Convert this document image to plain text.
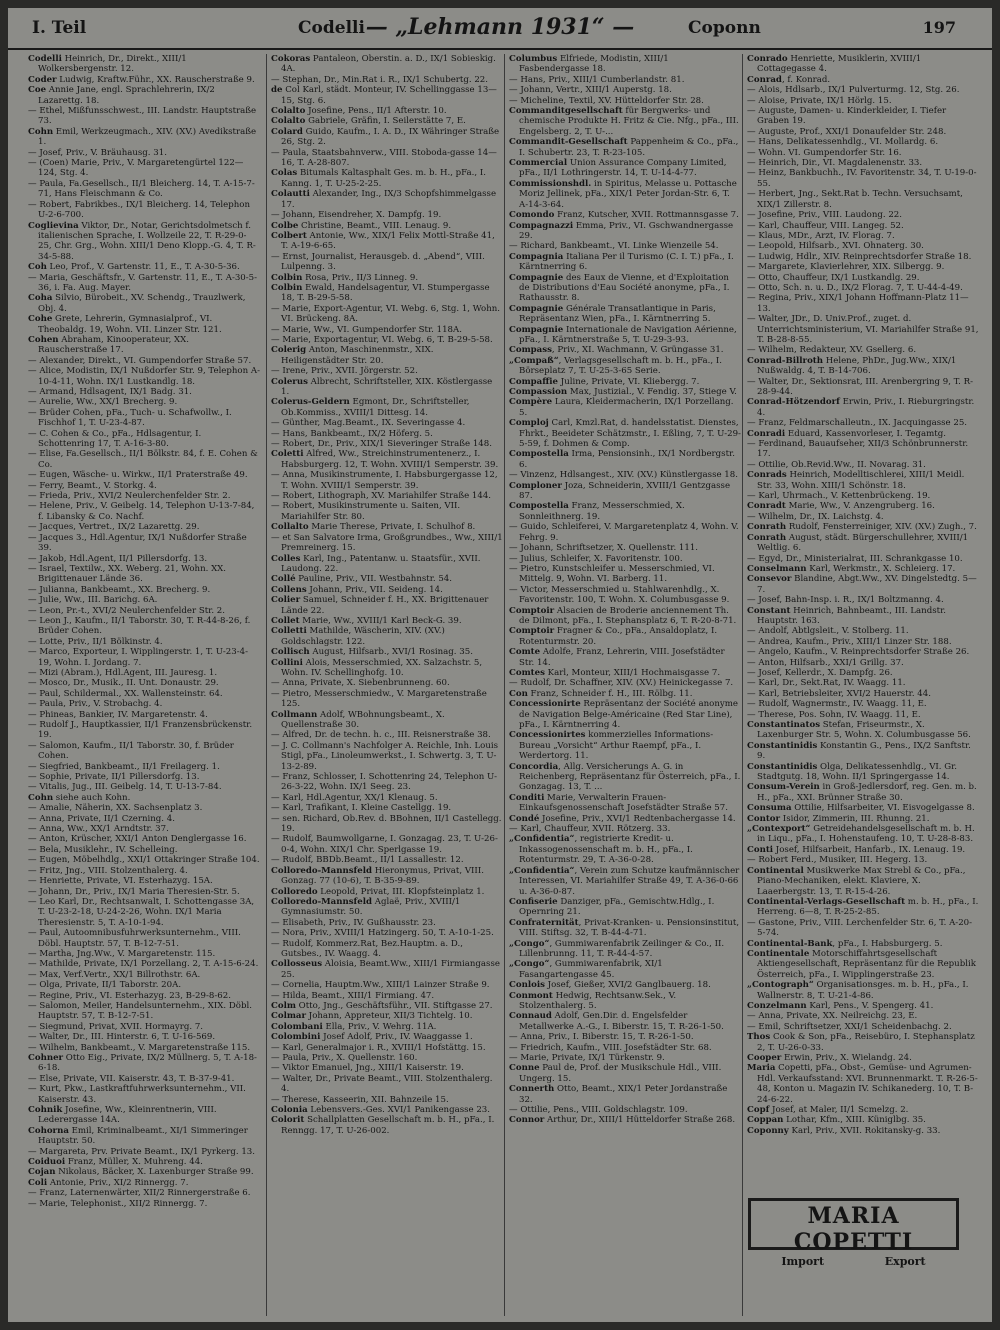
I. Teil	Codelli — „Lehmann 1931“ —	Coponn	197

Codelli Heinrich, Dr., Direkt., XIII/1 Wolkersbergenstr. 12.

Coder Ludwig, Kraftw.Führ., XX. Rauscherstraße 9.

Coe Annie Jane, engl. Sprachlehrerin, IX/2 Lazarettg. 18.

— Ethel, Mißfunsschwest., III. Landstr. Hauptstraße 73.

Cohn Emil, Werkzeugmach., XIV. (XV.) Avedikstraße 1.

— Josef, Priv., V. Bräuhausg. 31.

— (Coen) Marie, Priv., V. Margaretengürtel 122—124, Stg. 4.

— Paula, Fa.Gesellsch., II/1 Bleicherg. 14, T. A-15-7-71, Hans Fleischmann & Co.

— Robert, Fabrikbes., IX/1 Bleicherg. 14, Telephon U-2-6-700.

Coglievina Viktor, Dr., Notar, Gerichtsdolmetsch f. italienischen Sprache, I. Wollzeile 22, T. R-29-0-25, Chr. Grg., Wohn. XIII/1 Deno Klopp.-G. 4, T. R-34-5-88.

Coh Leo, Prof., V. Gartenstr. 11, E., T. A-30-5-36.

— Maria, Geschäftsfr., V. Gartenstr. 11, E., T. A-30-5-36, i. Fa. Aug. Mayer.

Coha Silvio, Bürobeit., XV. Schendg., Trauzlwerk, Obj. 4.

Cohe Grete, Lehrerin, Gymnasialprof., VI. Theobaldg. 19, Wohn. VII. Linzer Str. 121.

Cohen Abraham, Kinooperateur, XX. Rauscherstraße 17.

— Alexander, Direkt., VI. Gumpendorfer Straße 57.

— Alice, Modistin, IX/1 Nußdorfer Str. 9, Telephon A-10-4-11, Wohn. IX/1 Lustkandlg. 18.

— Armand, Hdlsagent, IX/1 Badg. 31.

— Aurelie, Ww., XX/1 Brecherg. 9.

— Brüder Cohen, pFa., Tuch- u. Schafwollw., I. Fischhof 1, T. U-23-4-87.

— C. Cohen & Co., pFa., Hdlsagentur, I. Schottenring 17, T. A-16-3-80.

— Elise, Fa.Gesellsch., II/1 Bölkstr. 84, f. E. Cohen & Co.

— Eugen, Wäsche- u. Wirkw., II/1 Praterstraße 49.

— Ferry, Beamt., V. Storkg. 4.

— Frieda, Priv., XVI/2 Neulerchenfelder Str. 2.

— Helene, Priv., V. Geibelg. 14, Telephon U-13-7-84, f. Libansky & Co. Nachf.

— Jacques, Vertret., IX/2 Lazarettg. 29.

— Jacques 3., Hdl.Agentur, IX/1 Nußdorfer Straße 39.

— Jakob, Hdl.Agent, II/1 Pillersdorfg. 13.

— Israel, Textilw., XX. Weberg. 21, Wohn. XX. Brigittenauer Lände 36.

— Julianna, Bankbeamt., XX. Brecherg. 9.

— Julie, Ww., III. Barichg. 6A.

— Leon, Pr.-t., XVI/2 Neulerchenfelder Str. 2.

— Leon J., Kaufm., II/1 Taborstr. 30, T. R-44-8-26, f. Brüder Cohen.

— Lotte, Priv., II/1 Bölkinstr. 4.

— Marco, Exporteur, I. Wipplingerstr. 1, T. U-23-4-19, Wohn. I. Jordang. 7.

— Mizi (Abram.), Hdl.Agent, III. Jauresg. 1.

— Mosco, Dr., Musik., II. Unt. Donaustr. 29.

— Paul, Schildermal., XX. Wallensteinstr. 64.

— Paula, Priv., V. Strobachg. 4.

— Phineas, Bankier, IV. Margaretenstr. 4.

— Rudolf J., Hauptkassier, II/1 Franzensbrückenstr. 19.

— Salomon, Kaufm., II/1 Taborstr. 30, f. Brüder Cohen.

— Siegfried, Bankbeamt., II/1 Freilagerg. 1.

— Sophie, Private, II/1 Pillersdorfg. 13.

— Vitalis, Jug., III. Geibelg. 14, T. U-13-7-84.

Cohn siehe auch Kohn.

— Amalie, Näherin, XX. Sachsenplatz 3.

— Anna, Private, II/1 Czerning. 4.

— Anna, Ww., XX/1 Arndtstr. 37.

— Anton, Krüscher, XXI/1 Anton Denglergasse 16.

— Bela, Musiklehr., IV. Schelleing.

— Eugen, Möbelhdlg., XXI/1 Ottakringer Straße 104.

— Fritz, Jng., VIII. Stolzenthalerg. 4.

— Henriette, Private, VI. Esterhazyg. 15A.

— Johann, Dr., Priv., IX/1 Maria Theresien-Str. 5.

— Leo Karl, Dr., Rechtsanwalt, I. Schottengasse 3A, T. U-23-2-18, U-24-2-26, Wohn. IX/1 Maria Theresienstr. 5, T. A-10-1-94.

— Paul, Autoomnibusfuhrwerksunternehm., VIII. Döbl. Hauptstr. 57, T. B-12-7-51.

— Martha, Jng.Ww., V. Margaretenstr. 115.

— Mathilde, Private, IX/1 Porzellang. 2, T. A-15-6-24.

— Max, Verf.Vertr., XX/1 Billrothstr. 6A.

— Olga, Private, II/1 Taborstr. 20A.

— Regine, Priv., VI. Esterhazyg. 23, B-29-8-62.

— Salomon, Meiler, Handelsunternehm., XIX. Döbl. Hauptstr. 57, T. B-12-7-51.

— Siegmund, Privat, XVII. Hormayrg. 7.

— Walter, Dr., III. Hinterstr. 6, T. U-16-569.

— Wilhelm, Bankbeamt., V. Margaretenstraße 115.

Cohner Otto Eig., Private, IX/2 Müllnerg. 5, T. A-18-6-18.

— Else, Private, VII. Kaiserstr. 43, T. B-37-9-41.

— Kurt, Pkw., Lastkraftfuhrwerksunternehm., VII. Kaiserstr. 43.

Cohnik Josefine, Ww., Kleinrentnerin, VIII. Lederergasse 14A.

Cohorna Emil, Kriminalbeamt., XI/1 Simmeringer Hauptstr. 50.

— Margareta, Prv. Private Beamt., IX/1 Pyrkerg. 13.

Coiduoi Franz, Müller, X. Muhreng. 44.

Cojan Nikolaus, Bäcker, X. Laxenburger Straße 99.

Coli Antonie, Priv., XI/2 Rinnergg. 7.

— Franz, Laternenwärter, XII/2 Rinnergerstraße 6.

— Marie, Telephonist., XII/2 Rinnergg. 7.

Cokoras Pantaleon, Oberstin. a. D., IX/1 Sobieskig. 4A.

— Stephan, Dr., Min.Rat i. R., IX/1 Schubertg. 22.

de Col Karl, städt. Monteur, IV. Schellinggasse 13—15, Stg. 6.

Colalto Josefine, Pens., II/1 Afterstr. 10.

Colalto Gabriele, Gräfin, I. Seilerstätte 7, E.

Colard Guido, Kaufm., I. A. D., IX Währinger Straße 26, Stg. 2.

— Paula, Staatsbahnverw., VIII. Stoboda-gasse 14—16, T. A-28-807.

Colas Bitumals Kaltasphalt Ges. m. b. H., pFa., I. Kanng. 1, T. U-25-2-25.

Colautti Alexander, Ing., IX/3 Schopfshimmelgasse 17.

— Johann, Eisendreher, X. Dampfg. 19.

Colbe Christine, Beamt., VIII. Lenaug. 9.

Colbert Antonie, Ww., XIX/1 Felix Mottl-Straße 41, T. A-19-6-65.

— Ernst, Journalist, Herausgeb. d. „Abend“, VIII. Lulpenng. 3.

Colbin Rosa, Priv., II/3 Linneg. 9.

Colbin Ewald, Handelsagentur, VI. Stumpergasse 18, T. B-29-5-58.

— Marie, Export-Agentur, VI. Webg. 6, Stg. 1, Wohn. VI. Brückeng. 8A.

— Marie, Ww., VI. Gumpendorfer Str. 118A.

— Marie, Exportagentur, VI. Webg. 6, T. B-29-5-58.

Colerig Anton, Maschinenmstr., XIX. Heiligenstädter Str. 20.

— Irene, Priv., XVII. Jörgerstr. 52.

Colerus Albrecht, Schriftsteller, XIX. Köstlergasse 1.

Colerus-Geldern Egmont, Dr., Schriftsteller, Ob.Kommiss., XVIII/1 Dittesg. 14.

— Günther, Mag.Beamt., IX. Severingasse 4.

— Hans, Bankbeamt., IX/2 Höferg. 5.

— Robert, Dr., Priv., XIX/1 Sieveringer Straße 148.

Coletti Alfred, Ww., Streichinstrumentenerz., I. Habsburgerg. 12, T. Wohn. XVIII/1 Semperstr. 39.

— Anna, Musikinstrumente, I. Habsburgergasse 12, T. Wohn. XVIII/1 Semperstr. 39.

— Robert, Lithograph, XV. Mariahilfer Straße 144.

— Robert, Musikinstrumente u. Saiten, VII. Mariahilfer Str. 80.

Collalto Marie Therese, Private, I. Schulhof 8.

— et San Salvatore Irma, Großgrundbes., Ww., XIII/1 Premreinerg. 15.

Colles Karl, Ing., Patentanw. u. Staatsfür., XVII. Laudong. 22.

Collé Pauline, Priv., VII. Westbahnstr. 54.

Collens Johann, Priv., VII. Seideng. 14.

Colier Samuel, Schneider f. H., XX. Brigittenauer Lände 22.

Collet Marie, Ww., XVIII/1 Karl Beck-G. 39.

Colletti Mathilde, Wäscherin, XIV. (XV.) Goldschlagstr. 122.

Collisch August, Hilfsarb., XVI/1 Rosinag. 35.

Collini Alois, Messerschmied, XX. Salzachstr. 5, Wohn. IV. Schellinghofg. 10.

— Anna, Private, X. Siebenbrunneng. 60.

— Pietro, Messerschmiedw., V. Margaretenstraße 125.

Collmann Adolf, WBohnungsbeamt., X. Quellenstraße 30.

— Alfred, Dr. de techn. h. c., III. Reisnerstraße 38.

— J. C. Collmann's Nachfolger A. Reichle, Inh. Louis Stigl, pFa., Linoleumwerkst., I. Schwertg. 3, T. U-13-2-89.

— Franz, Schlosser, I. Schottenring 24, Telephon U-26-3-22, Wohn. IX/1 Seeg. 23.

— Karl, Hdl.Agentur, XX/1 Klenaug. 5.

— Karl, Trafikant, I. Kleine Castellgg. 19.

— sen. Richard, Ob.Rev. d. BBohnen, II/1 Castellegg. 19.

— Rudolf, Baumwollgarne, I. Gonzagag. 23, T. U-26-0-4, Wohn. XIX/1 Chr. Sperlgasse 19.

— Rudolf, BBDb.Beamt., II/1 Lassallestr. 12.

Colloredo-Mannsfeld Hieronymus, Privat, VIII. Gonzag. 77 (10-6), T. B-35-9-89.

Colloredo Leopold, Privat, III. Klopfsteinplatz 1.

Colloredo-Mannsfeld Aglaë, Priv., XVIII/1 Gymnasiumstr. 50.

— Elisabeth, Priv., IV. Gußhausstr. 23.

— Nora, Priv., XVIII/1 Hatzingerg. 50, T. A-10-1-25.

— Rudolf, Kommerz.Rat, Bez.Hauptm. a. D., Gutsbes., IV. Waagg. 4.

Collosseus Aloisia, Beamt.Ww., XIII/1 Firmiangasse 25.

— Cornelia, Hauptm.Ww., XIII/1 Lainzer Straße 9.

— Hilda, Beamt., XIII/1 Firmiang. 47.

Colm Otto, Jng., Geschäftsführ., VII. Stiftgasse 27.

Colmar Johann, Appreteur, XII/3 Tichtelg. 10.

Colombani Ella, Priv., V. Wehrg. 11A.

Colombini Josef Adolf, Priv., IV. Waaggasse 1.

— Karl, Generalmajor i. R., XVIII/1 Hofstättg. 15.

— Paula, Priv., X. Quellenstr. 160.

— Viktor Emanuel, Jng., XIII/1 Kaiserstr. 19.

— Walter, Dr., Private Beamt., VIII. Stolzenthalerg. 4.

— Therese, Kasseerin, XII. Bahnzeile 15.

Colonia Lebensvers.-Ges. XVI/1 Panikengasse 23.

Colorit Schallplatten Gesellschaft m. b. H., pFa., I. Renngg. 17, T. U-26-002.

Columbus Elfriede, Modistin, XIII/1 Fasbendergasse 18.

— Hans, Priv., XIII/1 Cumberlandstr. 81.

— Johann, Vertr., XIII/1 Auperstg. 18.

— Micheline, Textil, XV. Hütteldorfer Str. 28.

Commanditgesellschaft für Bergwerks- und chemische Produkte H. Fritz & Cie. Nfg., pFa., III. Engelsberg. 2, T. U-...

Commandit-Gesellschaft Pappenheim & Co., pFa., I. Schubertr. 23, T. R-23-105.

Commercial Union Assurance Company Limited, pFa., II/1 Lothringerstr. 14, T. U-14-4-77.

Commissionshdl. in Spiritus, Melasse u. Pottasche Moriz Jellinek, pFa., XIX/1 Peter Jordan-Str. 6, T. A-14-3-64.

Comondo Franz, Kutscher, XVII. Rottmannsgasse 7.

Compagnazzi Emma, Priv., VI. Gschwandnergasse 29.

— Richard, Bankbeamt., VI. Linke Wienzeile 54.

Compagnia Italiana Per il Turismo (C. I. T.) pFa., I. Kärntnerring 6.

Compagnie des Eaux de Vienne, et d'Exploitation de Distributions d'Eau Société anonyme, pFa., I. Rathausstr. 8.

Compagnie Générale Transatlantique in Paris, Repräsentanz Wien, pFa., I. Kärntnerring 5.

Compagnie Internationale de Navigation Aérienne, pFa., I. Kärntnerstraße 5, T. U-29-3-93.

Compass, Priv., XI. Wachmann, V. Grüngasse 31.

„Compaß“, Verlagsgesellschaft m. b. H., pFa., I. Börseplatz 7, T. U-25-3-65 Serie.

Compaffie Juline, Private, VI. Kliebergg. 7.

Compassion Max, Justizial., V. Fendig. 37, Stiege V.

Compère Laura, Kleidermacherin, IX/1 Porzellang. 5.

Comploj Carl, Kmzl.Rat, d. handelsstatist. Dienstes, Fhrkt., Beeideter Schätzmstr., I. Eßling, 7, T. U-29-5-59, f. Dohmen & Comp.

Compostella Irma, Pensionsinh., IX/1 Nordbergstr. 6.

— Vinzenz, Hdlsangest., XIV. (XV.) Künstlergasse 18.

Comploner Joza, Schneiderin, XVIII/1 Gentzgasse 87.

Compostella Franz, Messerschmied, X. Sonnleithnerg. 19.

— Guido, Schleiferei, V. Margaretenplatz 4, Wohn. V. Fehrg. 9.

— Johann, Schriftsetzer, X. Quellenstr. 111.

— Julius, Schleifer, X. Favoritenstr. 100.

— Pietro, Kunstschleifer u. Messerschmied, VI. Mittelg. 9, Wohn. VI. Barberg. 11.

— Victor, Messerschmied u. Stahlwarenhdlg., X. Favoritenstr. 100, T. Wohn. X. Columbusgasse 9.

Comptoir Alsacien de Broderie anciennement Th. de Dilmont, pFa., I. Stephansplatz 6, T. R-20-8-71.

Comptoir Fragner & Co., pFa., Ansaldoplatz, I. Rotenturmstr. 20.

Comte Adolfe, Franz, Lehrerin, VIII. Josefstädter Str. 14.

Comtes Karl, Monteur, XIII/1 Hochmaisgasse 7.

— Rudolf, Dr. Schaffner, XIV. (XV.) Heinickegasse 7.

Con Franz, Schneider f. H., III. Rölbg. 11.

Concessionirte Repräsentanz der Société anonyme de Navigation Belge-Américaine (Red Star Line), pFa., I. Kärntnerring 4.

Concessionirtes kommerzielles Informations-Bureau „Vorsicht“ Arthur Raempf, pFa., I. Werdertorg. 11.

Concordia, Allg. Versicherungs A. G. in Reichenberg, Repräsentanz für Österreich, pFa., I. Gonzagag. 13, T. ...

Conditi Marie, Verwalterin Frauen-Einkaufsgenossenschaft Josefstädter Straße 57.

Condé Josefine, Priv., XVI/1 Redtenbachergasse 14.

— Karl, Chauffeur, XVII. Rötzerg. 33.

„Confidentia“, registrierte Kredit- u. Inkassogenossenschaft m. b. H., pFa., I. Rotenturmstr. 29, T. A-36-0-28.

„Confidentia“, Verein zum Schutze kaufmännischer Interessen, VI. Mariahilfer Straße 49, T. A-36-0-66 u. A-36-0-87.

Confiserie Danziger, pFa., Gemischtw.Hdlg., I. Opernring 21.

Confraternität, Privat-Kranken- u. Pensionsinstitut, VIII. Stiftsg. 32, T. B-44-4-71.

„Congo“, Gummiwarenfabrik Zeilinger & Co., II. Lillenbrunng. 11, T. R-44-4-57.

„Congo“, Gummiwarenfabrik, XI/1 Fasangartengasse 45.

Conlois Josef, Gießer, XVI/2 Ganglbauerg. 18.

Conmont Hedwig, Rechtsanw.Sek., V. Stolzenthalerg. 5.

Connaud Adolf, Gen.Dir. d. Engelsfelder Metallwerke A.-G., I. Biberstr. 15, T. R-26-1-50.

— Anna, Priv., I. Biberstr. 15, T. R-26-1-50.

— Friedrich, Kaufm., VIII. Josefstädter Str. 68.

— Marie, Private, IX/1 Türkenstr. 9.

Conne Paul de, Prof. der Musikschule Hdl., VIII. Ungerg. 15.

Connerth Otto, Beamt., XIX/1 Peter Jordanstraße 32.

— Ottilie, Pens., VIII. Goldschlagstr. 109.

Connor Arthur, Dr., XIII/1 Hütteldorfer Straße 268.

Conrado Henriette, Musiklerin, XVIII/1 Cottagegasse 4.

Conrad, f. Konrad.

— Alois, Hdlsarb., IX/1 Pulverturmg. 12, Stg. 26.

— Aloise, Private, IX/1 Hörlg. 15.

— Auguste, Damen- u. Kinderkleider, I. Tiefer Graben 19.

— Auguste, Prof., XXI/1 Donaufelder Str. 248.

— Hans, Delikatessenhdlg., VI. Mollardg. 6.

— Wohn. VI. Gumpendorfer Str. 16.

— Heinrich, Dir., VI. Magdalenenstr. 33.

— Heinz, Bankbuchh., IV. Favoritenstr. 34, T. U-19-0-55.

— Herbert, Jng., Sekt.Rat b. Techn. Versuchsamt, XIX/1 Zillerstr. 8.

— Josefine, Priv., VIII. Laudong. 22.

— Karl, Chauffeur, VIII. Langeg. 52.

— Klaus, MDr., Arzt, IV. Florag. 7.

— Leopold, Hilfsarb., XVI. Ohnaterg. 30.

— Ludwig, Hdlr., XIV. Reinprechtsdorfer Straße 18.

— Margarete, Klavierlehrer, XIX. Silbergg. 9.

— Otto, Chauffeur, IX/1 Lustkandlg. 29.

— Otto, Sch. n. u. D., IX/2 Florag. 7, T. U-44-4-49.

— Regina, Priv., XIX/1 Johann Hoffmann-Platz 11—13.

— Walter, JDr., D. Univ.Prof., zuget. d. Unterrichtsministerium, VI. Mariahilfer Straße 91, T. B-28-8-55.

— Wilhelm, Redakteur, XV. Gsellerg. 6.

Conrad-Billroth Helene, PhDr., Jug.Ww., XIX/1 Nußwaldg. 4, T. B-14-706.

— Walter, Dr., Sektionsrat, III. Arenbergring 9, T. R-28-9-44.

Conrad-Hötzendorf Erwin, Priv., I. Rieburgringstr. 4.

— Franz, Feldmarschalleutn., IX. Jacquingasse 25.

Conradi Eduard, Kassenvorleser, I. Tegamtg.

— Ferdinand, Bauaufseher, XII/3 Schönbrunnerstr. 17.

— Ottilie, Ob.Revid.Ww., II. Novarag. 31.

Conrads Heinrich, Modelltischlerei, XIII/1 Meidl. Str. 33, Wohn. XIII/1 Schönstr. 18.

— Karl, Uhrmach., V. Kettenbrückeng. 19.

Conradt Marie, Ww., V. Anzengruberg. 16.

— Wilhelm, Dr., IX. Laichstg. 4.

Conrath Rudolf, Fensterreiniger, XIV. (XV.) Zugh., 7.

Conrath August, städt. Bürgerschullehrer, XVIII/1 Weltlig. 6.

— Egyd, Dr., Ministerialrat, III. Schrankgasse 10.

Conselmann Karl, Werkmstr., X. Schleierg. 17.

Consevor Blandine, Abgt.Ww., XV. Dingelstedtg. 5—7.

— Josef, Bahn-Insp. i. R., IX/1 Boltzmanng. 4.

Constant Heinrich, Bahnbeamt., III. Landstr. Hauptstr. 163.

— Andolf, Abtlgsleit., V. Stolberg. 11.

— Andrea, Kaufm., Priv., XIII/1 Linzer Str. 188.

— Angelo, Kaufm., V. Reinprechtsdorfer Straße 26.

— Anton, Hilfsarb., XXI/1 Grillg. 37.

— Josef, Kellerdr., X. Dampfg. 26.

— Karl, Dr., Sekt.Rat, IV. Waagg. 11.

— Karl, Betriebsleiter, XVI/2 Hauerstr. 44.

— Rudolf, Wagnermstr., IV. Waagg. 11, E.

— Therese, Pos. Sohn, IV. Waagg. 11, E.

Constantinatos Stefan, Friseurmstr., X. Laxenburger Str. 5, Wohn. X. Columbusgasse 56.

Constantinidis Konstantin G., Pens., IX/2 Sanftstr. 9.

Constantinidis Olga, Delikatessenhdlg., VI. Gr. Stadtgutg. 18, Wohn. II/1 Springergasse 14.

Consum-Verein in Groß-Jedlersdorf, reg. Gen. m. b. H., pFa., XXI. Brünner Straße 30.

Consuma Ottilie, Hilfsarbeiter, VI. Eisvogelgasse 8.

Contor Isidor, Zimmerin, III. Rhunng. 21.

„Contexport“ Getreidehandelsgesellschaft m. b. H. in Liqu., pFa., I. Hohenstaufeng. 10, T. U-28-8-83.

Conti Josef, Hilfsarbeit, Hanfarb., IX. Lenaug. 19.

— Robert Ferd., Musiker, III. Hegerg. 13.

Continental Musikwerke Max Strebl & Co., pFa., Piano-Mechaniken, elekt. Klaviere, X. Laaerbergstr. 13, T. R-15-4-26.

Continental-Verlags-Gesellschaft m. b. H., pFa., I. Herreng. 6—8, T. R-25-2-85.

— Gastone, Priv., VIII. Lerchenfelder Str. 6, T. A-20-5-74.

Continental-Bank, pFa., I. Habsburgerg. 5.

Continentale Motorschiffahrtsgesellschaft Aktiengesellschaft, Repräsentanz für die Republik Österreich, pFa., I. Wipplingerstraße 23.

„Contograph“ Organisationsges. m. b. H., pFa., I. Wallnerstr. 8, T. U-21-4-86.

Conzelmann Karl, Pens., V. Spengerg. 41.

— Anna, Private, XX. Neilreichg. 23, E.

— Emil, Schriftsetzer, XXI/1 Scheidenbachg. 2.

Thos Cook & Son, pFa., Reisebüro, I. Stephansplatz 2, T. U-26-0-33.

Cooper Erwin, Priv., X. Wielandg. 24.

Maria Copetti, pFa., Obst-, Gemüse- und Agrumen-Hdl. Verkaufsstand: XVI. Brunnenmarkt. T. R-26-5-48, Konton u. Magazin IV. Schikanederg. 10, T. B-24-6-22.

Copf Josef, at Maler, II/1 Scmelzg. 2.

Coppan Lothar, Kfm., XIII. Küniglbg. 35.

Coponny Karl, Priv., XVII. Rokitansky-g. 33.

MARIA COPETTI
Import	Export
